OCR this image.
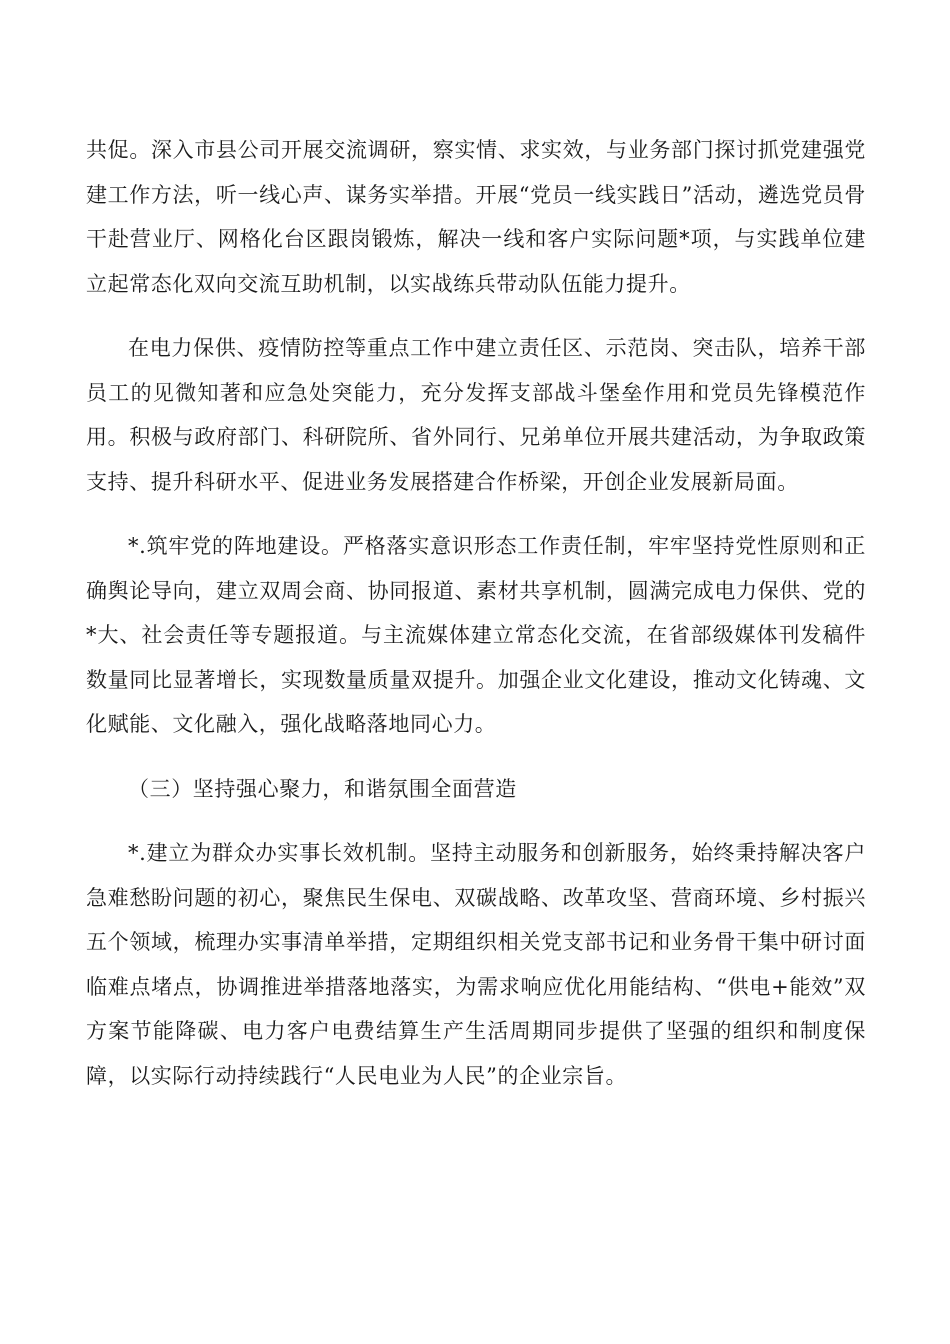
共促。深入市县公司开展交流调研，察实情、求实效，与业务部门探讨抓党建强党建工作方法，听一线心声、谋务实举措。开展“党员一线实践日”活动，遴选党员骨干赴营业厅、网格化台区跟岗锻炼，解决一线和客户实际问题*项，与实践单位建立起常态化双向交流互助机制，以实战练兵带动队伍能力提升。

在电力保供、疫情防控等重点工作中建立责任区、示范岗、突击队，培养干部员工的见微知著和应急处突能力，充分发挥支部战斗堡垒作用和党员先锋模范作用。积极与政府部门、科研院所、省外同行、兄弟单位开展共建活动，为争取政策支持、提升科研水平、促进业务发展搭建合作桥梁，开创企业发展新局面。

*.筑牢党的阵地建设。严格落实意识形态工作责任制，牢牢坚持党性原则和正确舆论导向，建立双周会商、协同报道、素材共享机制，圆满完成电力保供、党的*大、社会责任等专题报道。与主流媒体建立常态化交流，在省部级媒体刊发稿件数量同比显著增长，实现数量质量双提升。加强企业文化建设，推动文化铸魂、文化赋能、文化融入，强化战略落地同心力。

（三）坚持强心聚力，和谐氛围全面营造

*.建立为群众办实事长效机制。坚持主动服务和创新服务，始终秉持解决客户急难愁盼问题的初心，聚焦民生保电、双碳战略、改革攻坚、营商环境、乡村振兴五个领域，梳理办实事清单举措，定期组织相关党支部书记和业务骨干集中研讨面临难点堵点，协调推进举措落地落实，为需求响应优化用能结构、“供电+能效”双方案节能降碳、电力客户电费结算生产生活周期同步提供了坚强的组织和制度保障，以实际行动持续践行“人民电业为人民”的企业宗旨。
